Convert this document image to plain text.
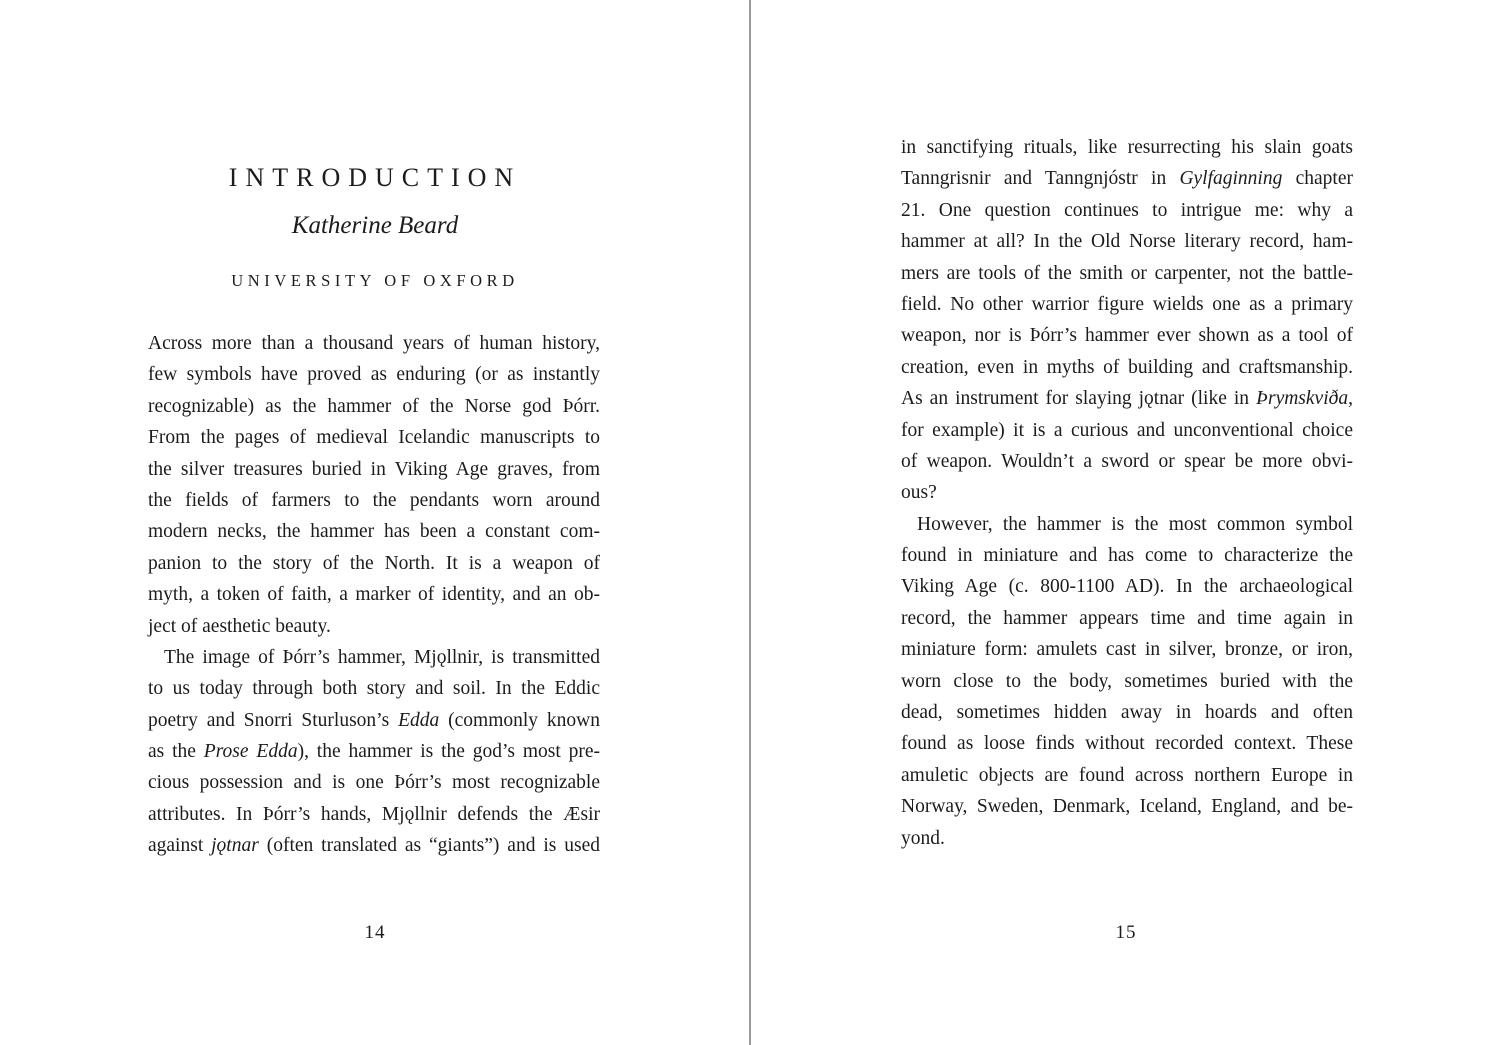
INTRODUCTION
Katherine Beard
UNIVERSITY OF OXFORD
Across more than a thousand years of human history,
few symbols have proved as enduring (or as instantly
recognizable) as the hammer of the Norse god Þórr.
From the pages of medieval Icelandic manuscripts to
the silver treasures buried in Viking Age graves, from
the fields of farmers to the pendants worn around
modern necks, the hammer has been a constant com-
panion to the story of the North. It is a weapon of
myth, a token of faith, a marker of identity, and an ob-
ject of aesthetic beauty.
The image of Þórr’s hammer, Mjǫllnir, is transmitted
to us today through both story and soil. In the Eddic
poetry and Snorri Sturluson’s Edda (commonly known
as the Prose Edda), the hammer is the god’s most pre-
cious possession and is one Þórr’s most recognizable
attributes. In Þórr’s hands, Mjǫllnir defends the Æsir
against jǫtnar (often translated as “giants”) and is used
14
in sanctifying rituals, like resurrecting his slain goats
Tanngrisnir and Tanngnjóstr in Gylfaginning chapter
21. One question continues to intrigue me: why a
hammer at all? In the Old Norse literary record, ham-
mers are tools of the smith or carpenter, not the battle-
field. No other warrior figure wields one as a primary
weapon, nor is Þórr’s hammer ever shown as a tool of
creation, even in myths of building and craftsmanship.
As an instrument for slaying jǫtnar (like in Þrymskviða,
for example) it is a curious and unconventional choice
of weapon. Wouldn’t a sword or spear be more obvi-
ous?
However, the hammer is the most common symbol
found in miniature and has come to characterize the
Viking Age (c. 800-1100 AD). In the archaeological
record, the hammer appears time and time again in
miniature form: amulets cast in silver, bronze, or iron,
worn close to the body, sometimes buried with the
dead, sometimes hidden away in hoards and often
found as loose finds without recorded context. These
amuletic objects are found across northern Europe in
Norway, Sweden, Denmark, Iceland, England, and be-
yond.
15
